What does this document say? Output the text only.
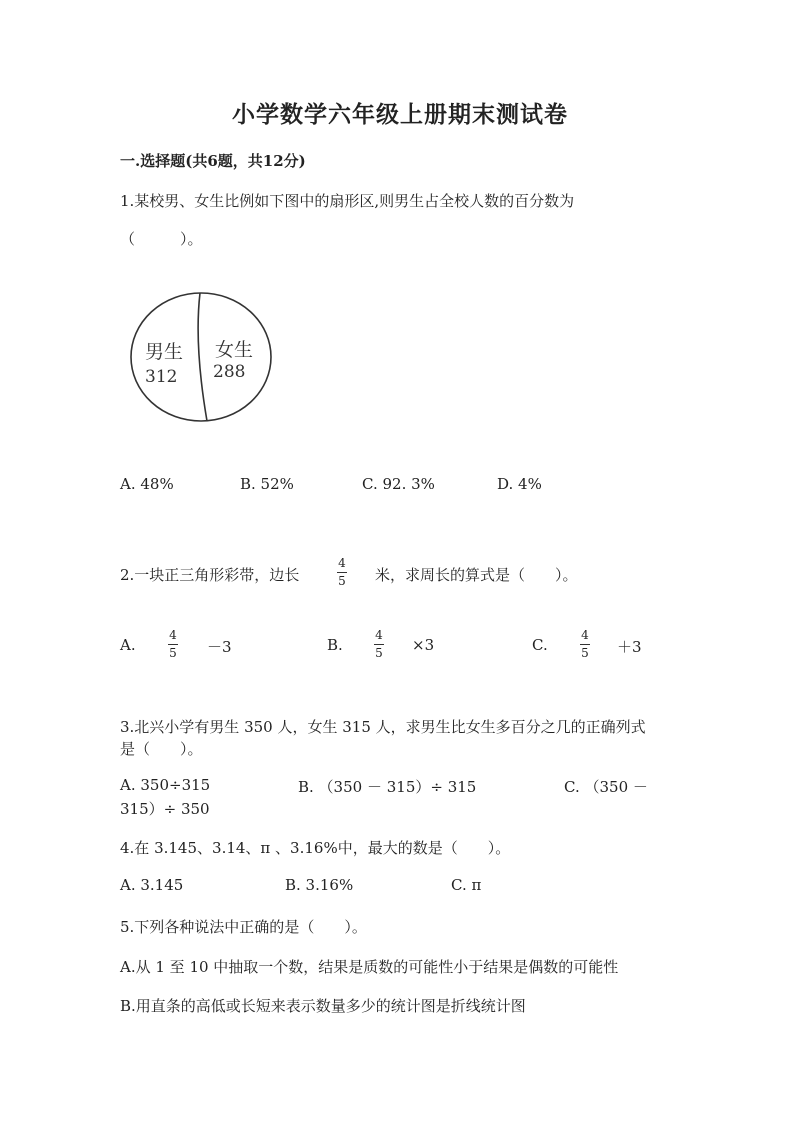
小学数学六年级上册期末测试卷
一.选择题(共6题，共12分)
1.某校男、女生比例如下图中的扇形区,则男生占全校人数的百分数为
（　　　）。
男生
312
女生
288
A. 48%	B. 52%	C. 92. 3%	D. 4%
2.一块正三角形彩带，边长
4
5 米，求周长的算式是（　　）。
A.
4
5 －3	B.
4
5 ×3	C.
4
5 ＋3
3.北兴小学有男生 350 人，女生 315 人，求男生比女生多百分之几的正确列式
是（　　）。
A. 350÷315	B. （350 － 315）÷ 315	C. （350 －
315）÷ 350
4.在 3.145、3.14、π 、3.16%中，最大的数是（　　）。
A. 3.145	B. 3.16%	C. π
5.下列各种说法中正确的是（　　）。
A.从 1 至 10 中抽取一个数，结果是质数的可能性小于结果是偶数的可能性
B.用直条的高低或长短来表示数量多少的统计图是折线统计图
